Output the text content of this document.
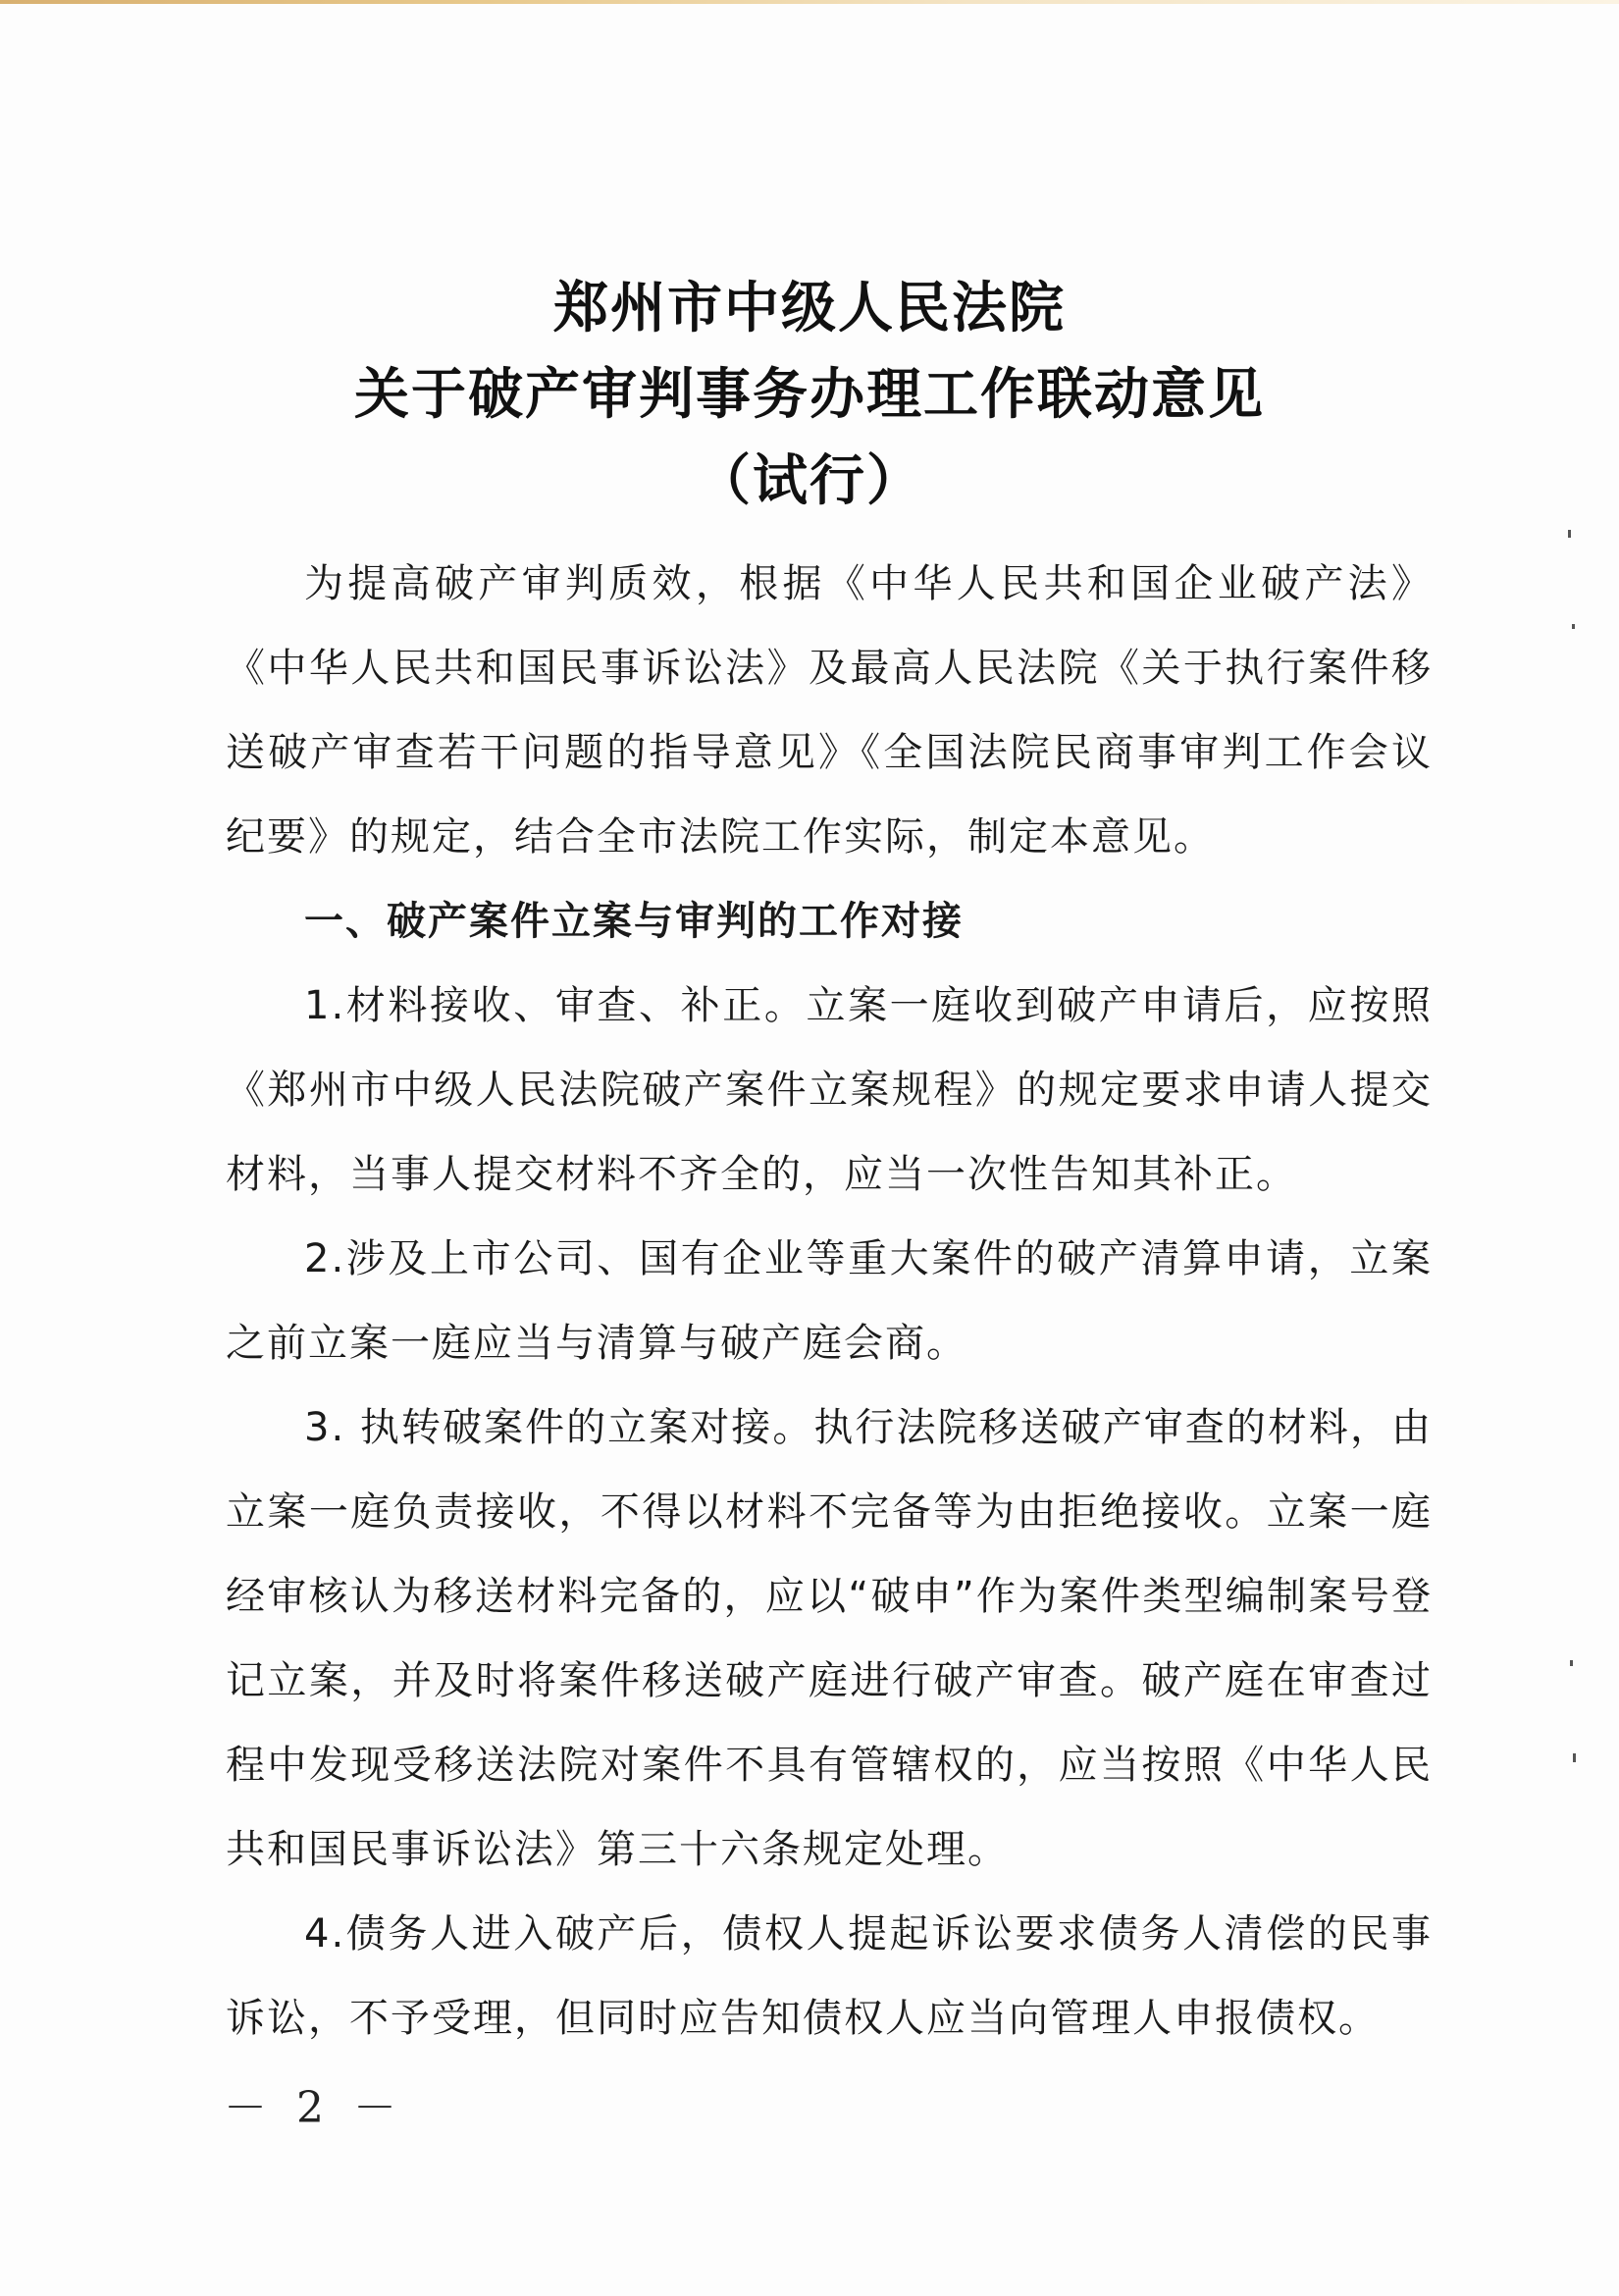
郑州市中级人民法院
关于破产审判事务办理工作联动意见
（试行）

为提高破产审判质效，根据《中华人民共和国企业破产法》《中华人民共和国民事诉讼法》及最高人民法院《关于执行案件移送破产审查若干问题的指导意见》《全国法院民商事审判工作会议纪要》的规定，结合全市法院工作实际，制定本意见。

一、破产案件立案与审判的工作对接

1.材料接收、审查、补正。立案一庭收到破产申请后，应按照《郑州市中级人民法院破产案件立案规程》的规定要求申请人提交材料，当事人提交材料不齐全的，应当一次性告知其补正。

2.涉及上市公司、国有企业等重大案件的破产清算申请，立案之前立案一庭应当与清算与破产庭会商。

3. 执转破案件的立案对接。执行法院移送破产审查的材料，由立案一庭负责接收，不得以材料不完备等为由拒绝接收。立案一庭经审核认为移送材料完备的，应以“破申”作为案件类型编制案号登记立案，并及时将案件移送破产庭进行破产审查。破产庭在审查过程中发现受移送法院对案件不具有管辖权的，应当按照《中华人民共和国民事诉讼法》第三十六条规定处理。

4.债务人进入破产后，债权人提起诉讼要求债务人清偿的民事诉讼，不予受理，但同时应告知债权人应当向管理人申报债权。

－ 2 －
